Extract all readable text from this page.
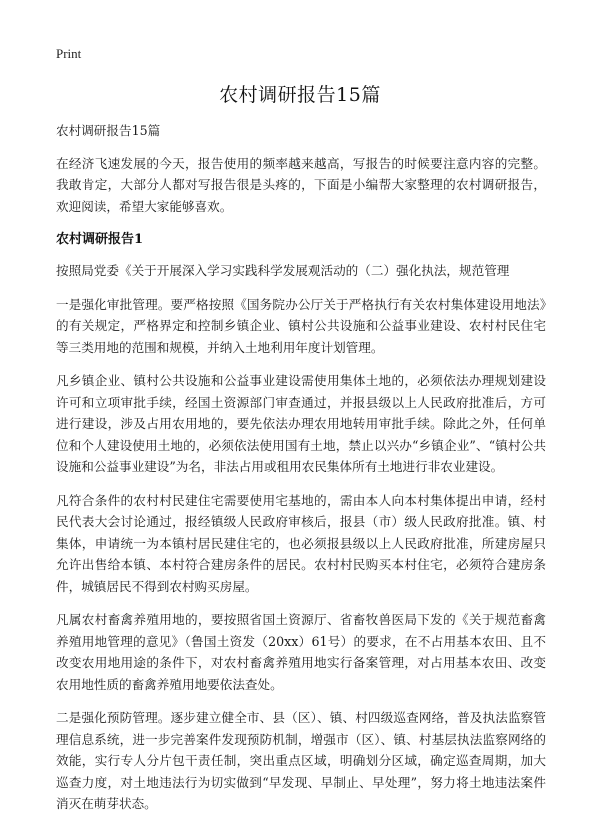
Print
农村调研报告15篇

农村调研报告15篇

在经济飞速发展的今天，报告使用的频率越来越高，写报告的时候要注意内容的完整。我敢肯定，大部分人都对写报告很是头疼的，下面是小编帮大家整理的农村调研报告，欢迎阅读，希望大家能够喜欢。

农村调研报告1

按照局党委《关于开展深入学习实践科学发展观活动的（二）强化执法，规范管理

一是强化审批管理。要严格按照《国务院办公厅关于严格执行有关农村集体建设用地法》的有关规定，严格界定和控制乡镇企业、镇村公共设施和公益事业建设、农村村民住宅等三类用地的范围和规模，并纳入土地利用年度计划管理。

凡乡镇企业、镇村公共设施和公益事业建设需使用集体土地的，必须依法办理规划建设许可和立项审批手续，经国土资源部门审查通过，并报县级以上人民政府批准后，方可进行建设，涉及占用农用地的，要先依法办理农用地转用审批手续。除此之外，任何单位和个人建设使用土地的，必须依法使用国有土地，禁止以兴办“乡镇企业”、“镇村公共设施和公益事业建设”为名，非法占用或租用农民集体所有土地进行非农业建设。

凡符合条件的农村村民建住宅需要使用宅基地的，需由本人向本村集体提出申请，经村民代表大会讨论通过，报经镇级人民政府审核后，报县（市）级人民政府批准。镇、村集体，申请统一为本镇村居民建住宅的，也必须报县级以上人民政府批准，所建房屋只允许出售给本镇、本村符合建房条件的居民。农村村民购买本村住宅，必须符合建房条件，城镇居民不得到农村购买房屋。

凡属农村畜禽养殖用地的，要按照省国土资源厅、省畜牧兽医局下发的《关于规范畜禽养殖用地管理的意见》（鲁国土资发（20xx）61号）的要求，在不占用基本农田、且不改变农用地用途的条件下，对农村畜禽养殖用地实行备案管理，对占用基本农田、改变农用地性质的畜禽养殖用地要依法查处。

二是强化预防管理。逐步建立健全市、县（区）、镇、村四级巡查网络，普及执法监察管理信息系统，进一步完善案件发现预防机制，增强市（区）、镇、村基层执法监察网络的效能，实行专人分片包干责任制，突出重点区域，明确划分区域，确定巡查周期，加大巡查力度，对土地违法行为切实做到“早发现、早制止、早处理”，努力将土地违法案件消灭在萌芽状态。
